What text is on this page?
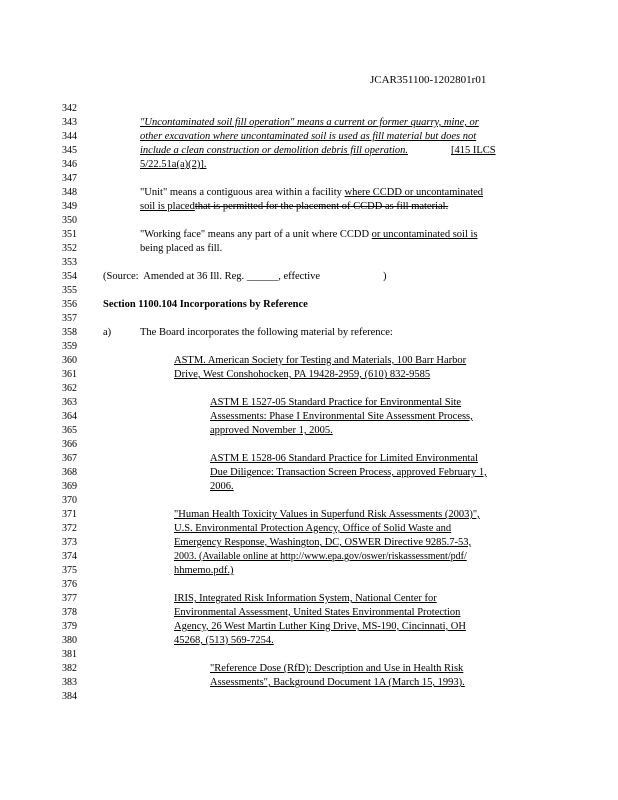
JCAR351100-1202801r01
342
343
344
345
346
347
348
349
350
351
352
353
354
355
356
357
358
359
360
361
362
363
364
365
366
367
368
369
370
371
372
373
374
375
376
377
378
379
380
381
382
383
384
"Uncontaminated soil fill operation" means a current or former quarry, mine, or
other excavation where uncontaminated soil is used as fill material but does not
include a clean construction or demolition debris fill operation.	[415 ILCS
5/22.51a(a)(2)].
"Unit" means a contiguous area within a facility where CCDD or uncontaminated
soil is placedthat is permitted for the placement of CCDD as fill material.
"Working face" means any part of a unit where CCDD or uncontaminated soil is
being placed as fill.
(Source:  Amended at 36 Ill. Reg. ______, effective                        )
Section 1100.104 Incorporations by Reference
a)	The Board incorporates the following material by reference:
ASTM. American Society for Testing and Materials, 100 Barr Harbor
Drive, West Conshohocken, PA 19428-2959, (610) 832-9585
ASTM E 1527-05 Standard Practice for Environmental Site
Assessments: Phase I Environmental Site Assessment Process,
approved November 1, 2005.
ASTM E 1528-06 Standard Practice for Limited Environmental
Due Diligence: Transaction Screen Process, approved February 1,
2006.
"Human Health Toxicity Values in Superfund Risk Assessments (2003)",
U.S. Environmental Protection Agency, Office of Solid Waste and
Emergency Response, Washington, DC, OSWER Directive 9285.7-53,
2003. (Available online at http://www.epa.gov/oswer/riskassessment/pdf/
hhmemo.pdf.)
IRIS, Integrated Risk Information System, National Center for
Environmental Assessment, United States Environmental Protection
Agency, 26 West Martin Luther King Drive, MS-190, Cincinnati, OH
45268, (513) 569-7254.
"Reference Dose (RfD): Description and Use in Health Risk
Assessments", Background Document 1A (March 15, 1993).
